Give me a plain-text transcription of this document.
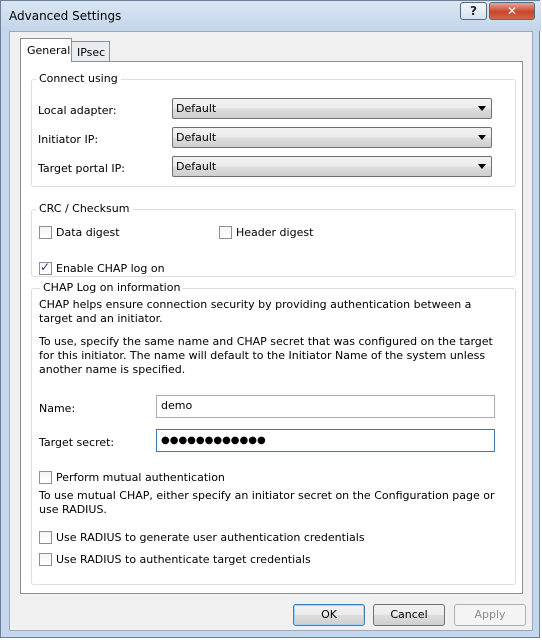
Advanced Settings	?	✕
General IPsec
Connect using
Local adapter:	Default
Initiator IP:	Default
Target portal IP:	Default
CRC / Checksum
Data digest	Header digest
✓
Enable CHAP log on
CHAP Log on information
CHAP helps ensure connection security by providing authentication between a target and an initiator.
To use, specify the same name and CHAP secret that was configured on the target for this initiator. The name will default to the Initiator Name of the system unless another name is specified.
Name:	demo
Target secret:	●●●●●●●●●●●●
Perform mutual authentication
To use mutual CHAP, either specify an initiator secret on the Configuration page or use RADIUS.
Use RADIUS to generate user authentication credentials
Use RADIUS to authenticate target credentials
OK	Cancel	Apply
